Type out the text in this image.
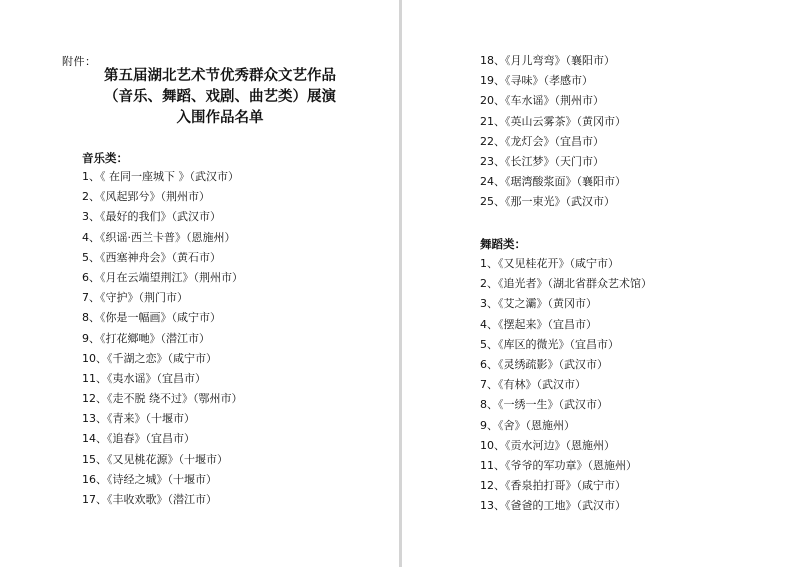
附件：
第五届湖北艺术节优秀群众文艺作品
（音乐、舞蹈、戏剧、曲艺类）展演
入围作品名单
音乐类：
1、《 在同一座城下 》（武汉市）
2、《风起郢兮》（荆州市）
3、《最好的我们》（武汉市）
4、《织谣·西兰卡普》（恩施州）
5、《西塞神舟会》（黄石市）
6、《月在云端望荆江》（荆州市）
7、《守护》（荆门市）
8、《你是一幅画》（咸宁市）
9、《打花鄉哋》（潜江市）
10、《千湖之恋》（咸宁市）
11、《夷水谣》（宜昌市）
12、《走不脱 绕不过》（鄂州市）
13、《青来》（十堰市）
14、《追春》（宜昌市）
15、《又见桃花源》（十堰市）
16、《诗经之城》（十堰市）
17、《丰收欢歌》（潜江市）
18、《月儿弯弯》（襄阳市）
19、《寻味》（孝感市）
20、《车水谣》（荆州市）
21、《英山云雾茶》（黄冈市）
22、《龙灯会》（宜昌市）
23、《长江梦》（天门市）
24、《琚湾酸浆面》（襄阳市）
25、《那一束光》（武汉市）
舞蹈类：
1、《又见桂花开》（咸宁市）
2、《追光者》（湖北省群众艺术馆）
3、《艾之灞》（黄冈市）
4、《摆起来》（宜昌市）
5、《库区的微光》（宜昌市）
6、《灵绣疏影》（武汉市）
7、《有林》（武汉市）
8、《一绣一生》（武汉市）
9、《舍》（恩施州）
10、《贡水河边》（恩施州）
11、《爷爷的军功章》（恩施州）
12、《香泉拍打哥》（咸宁市）
13、《爸爸的工地》（武汉市）
